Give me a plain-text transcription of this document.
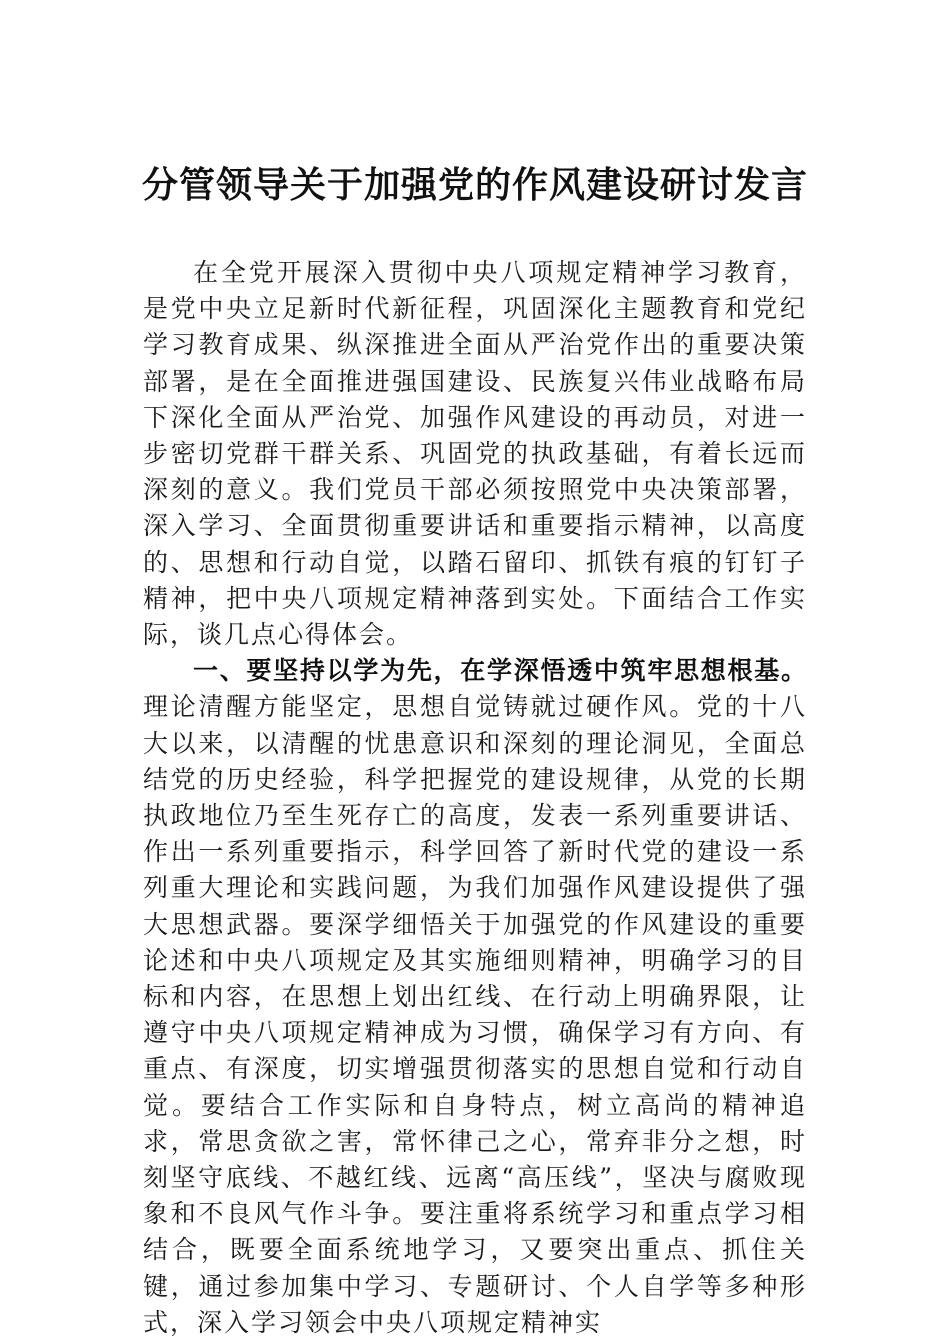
分管领导关于加强党的作风建设研讨发言

在全党开展深入贯彻中央八项规定精神学习教育，是党中央立足新时代新征程，巩固深化主题教育和党纪学习教育成果、纵深推进全面从严治党作出的重要决策部署，是在全面推进强国建设、民族复兴伟业战略布局下深化全面从严治党、加强作风建设的再动员，对进一步密切党群干群关系、巩固党的执政基础，有着长远而深刻的意义。我们党员干部必须按照党中央决策部署，深入学习、全面贯彻重要讲话和重要指示精神，以高度的、思想和行动自觉，以踏石留印、抓铁有痕的钉钉子精神，把中央八项规定精神落到实处。下面结合工作实际，谈几点心得体会。

一、要坚持以学为先，在学深悟透中筑牢思想根基。理论清醒方能坚定，思想自觉铸就过硬作风。党的十八大以来，以清醒的忧患意识和深刻的理论洞见，全面总结党的历史经验，科学把握党的建设规律，从党的长期执政地位乃至生死存亡的高度，发表一系列重要讲话、作出一系列重要指示，科学回答了新时代党的建设一系列重大理论和实践问题，为我们加强作风建设提供了强大思想武器。要深学细悟关于加强党的作风建设的重要论述和中央八项规定及其实施细则精神，明确学习的目标和内容，在思想上划出红线、在行动上明确界限，让遵守中央八项规定精神成为习惯，确保学习有方向、有重点、有深度，切实增强贯彻落实的思想自觉和行动自觉。要结合工作实际和自身特点，树立高尚的精神追求，常思贪欲之害，常怀律己之心，常弃非分之想，时刻坚守底线、不越红线、远离“高压线”，坚决与腐败现象和不良风气作斗争。要注重将系统学习和重点学习相结合，既要全面系统地学习，又要突出重点、抓住关键，通过参加集中学习、专题研讨、个人自学等多种形式，深入学习领会中央八项规定精神实
